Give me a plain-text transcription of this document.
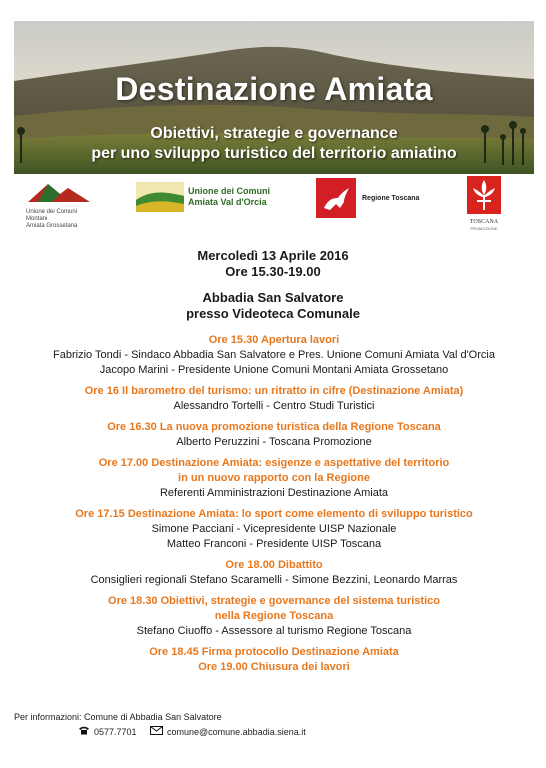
Destinazione Amiata
Obiettivi, strategie e governance
per uno sviluppo turistico del territorio amiatino
Unione dei Comuni Montani
Amiata Grossetana
Unione dei Comuni
Amiata Val d'Orcia	Regione Toscana
TOSCANA
PROMOZIONE
Mercoledì 13 Aprile 2016
Ore 15.30-19.00
Abbadia San Salvatore
presso Videoteca Comunale
Ore 15.30 Apertura lavori
Fabrizio Tondi - Sindaco Abbadia San Salvatore e Pres. Unione Comuni Amiata Val d'Orcia
Jacopo Marini - Presidente Unione Comuni Montani Amiata Grossetano
Ore 16 Il barometro del turismo: un ritratto in cifre (Destinazione Amiata)
Alessandro Tortelli - Centro Studi Turistici
Ore 16.30 La nuova promozione turistica della Regione Toscana
Alberto Peruzzini - Toscana Promozione
Ore 17.00 Destinazione Amiata: esigenze e aspettative del territorio
in un nuovo rapporto con la Regione
Referenti Amministrazioni Destinazione Amiata
Ore 17.15 Destinazione Amiata: lo sport come elemento di sviluppo turistico
Simone Pacciani - Vicepresidente UISP Nazionale
Matteo Franconi - Presidente UISP Toscana
Ore 18.00 Dibattito
Consiglieri regionali Stefano Scaramelli - Simone Bezzini, Leonardo Marras
Ore 18.30 Obiettivi, strategie e governance del sistema turistico
nella Regione Toscana
Stefano Ciuoffo - Assessore al turismo Regione Toscana
Ore 18.45 Firma protocollo Destinazione Amiata
Ore 19.00 Chiusura dei lavori
Per informazioni: Comune di Abbadia San Salvatore
0577.7701	comune@comune.abbadia.siena.it
